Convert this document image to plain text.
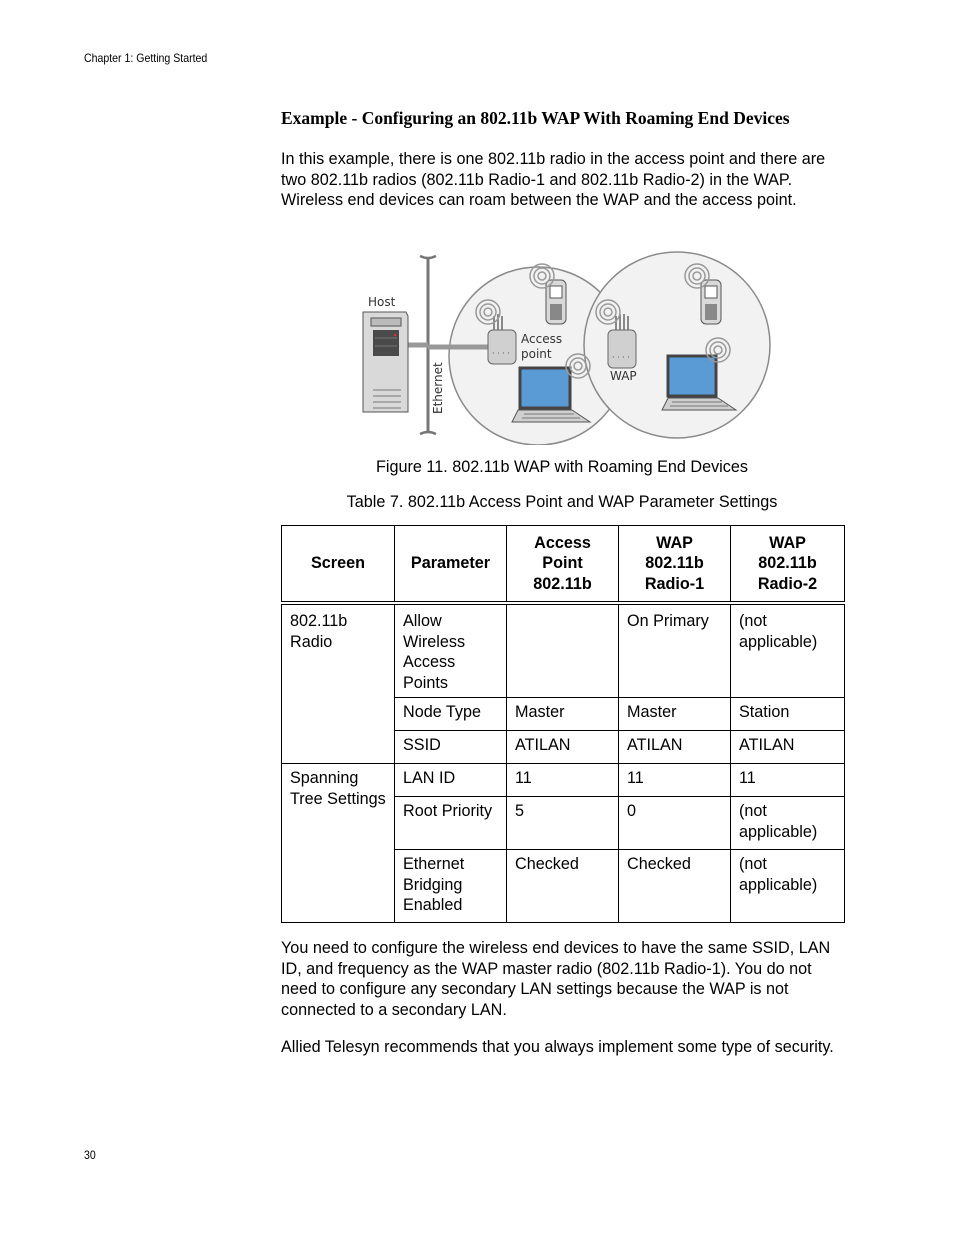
Chapter 1: Getting Started
Example - Configuring an 802.11b WAP With Roaming End Devices

In this example, there is one 802.11b radio in the access point and there are two 802.11b radios (802.11b Radio-1 and 802.11b Radio-2) in the WAP. Wireless end devices can roam between the WAP and the access point.

Host
Ethernet
· · · ·
Access
point	· · · ·
WAP

Figure 11. 802.11b WAP with Roaming End Devices

Table 7. 802.11b Access Point and WAP Parameter Settings

Screen	Parameter	Access Point 802.11b	WAP 802.11b Radio-1	WAP 802.11b Radio-2
802.11b Radio	Allow Wireless Access Points		On Primary	(not applicable)
	Node Type	Master	Master	Station
	SSID	ATILAN	ATILAN	ATILAN
Spanning Tree Settings	LAN ID	11	11	11
	Root Priority	5	0	(not applicable)
	Ethernet Bridging Enabled	Checked	Checked	(not applicable)

You need to configure the wireless end devices to have the same SSID, LAN ID, and frequency as the WAP master radio (802.11b Radio-1). You do not need to configure any secondary LAN settings because the WAP is not connected to a secondary LAN.

Allied Telesyn recommends that you always implement some type of security.

30
